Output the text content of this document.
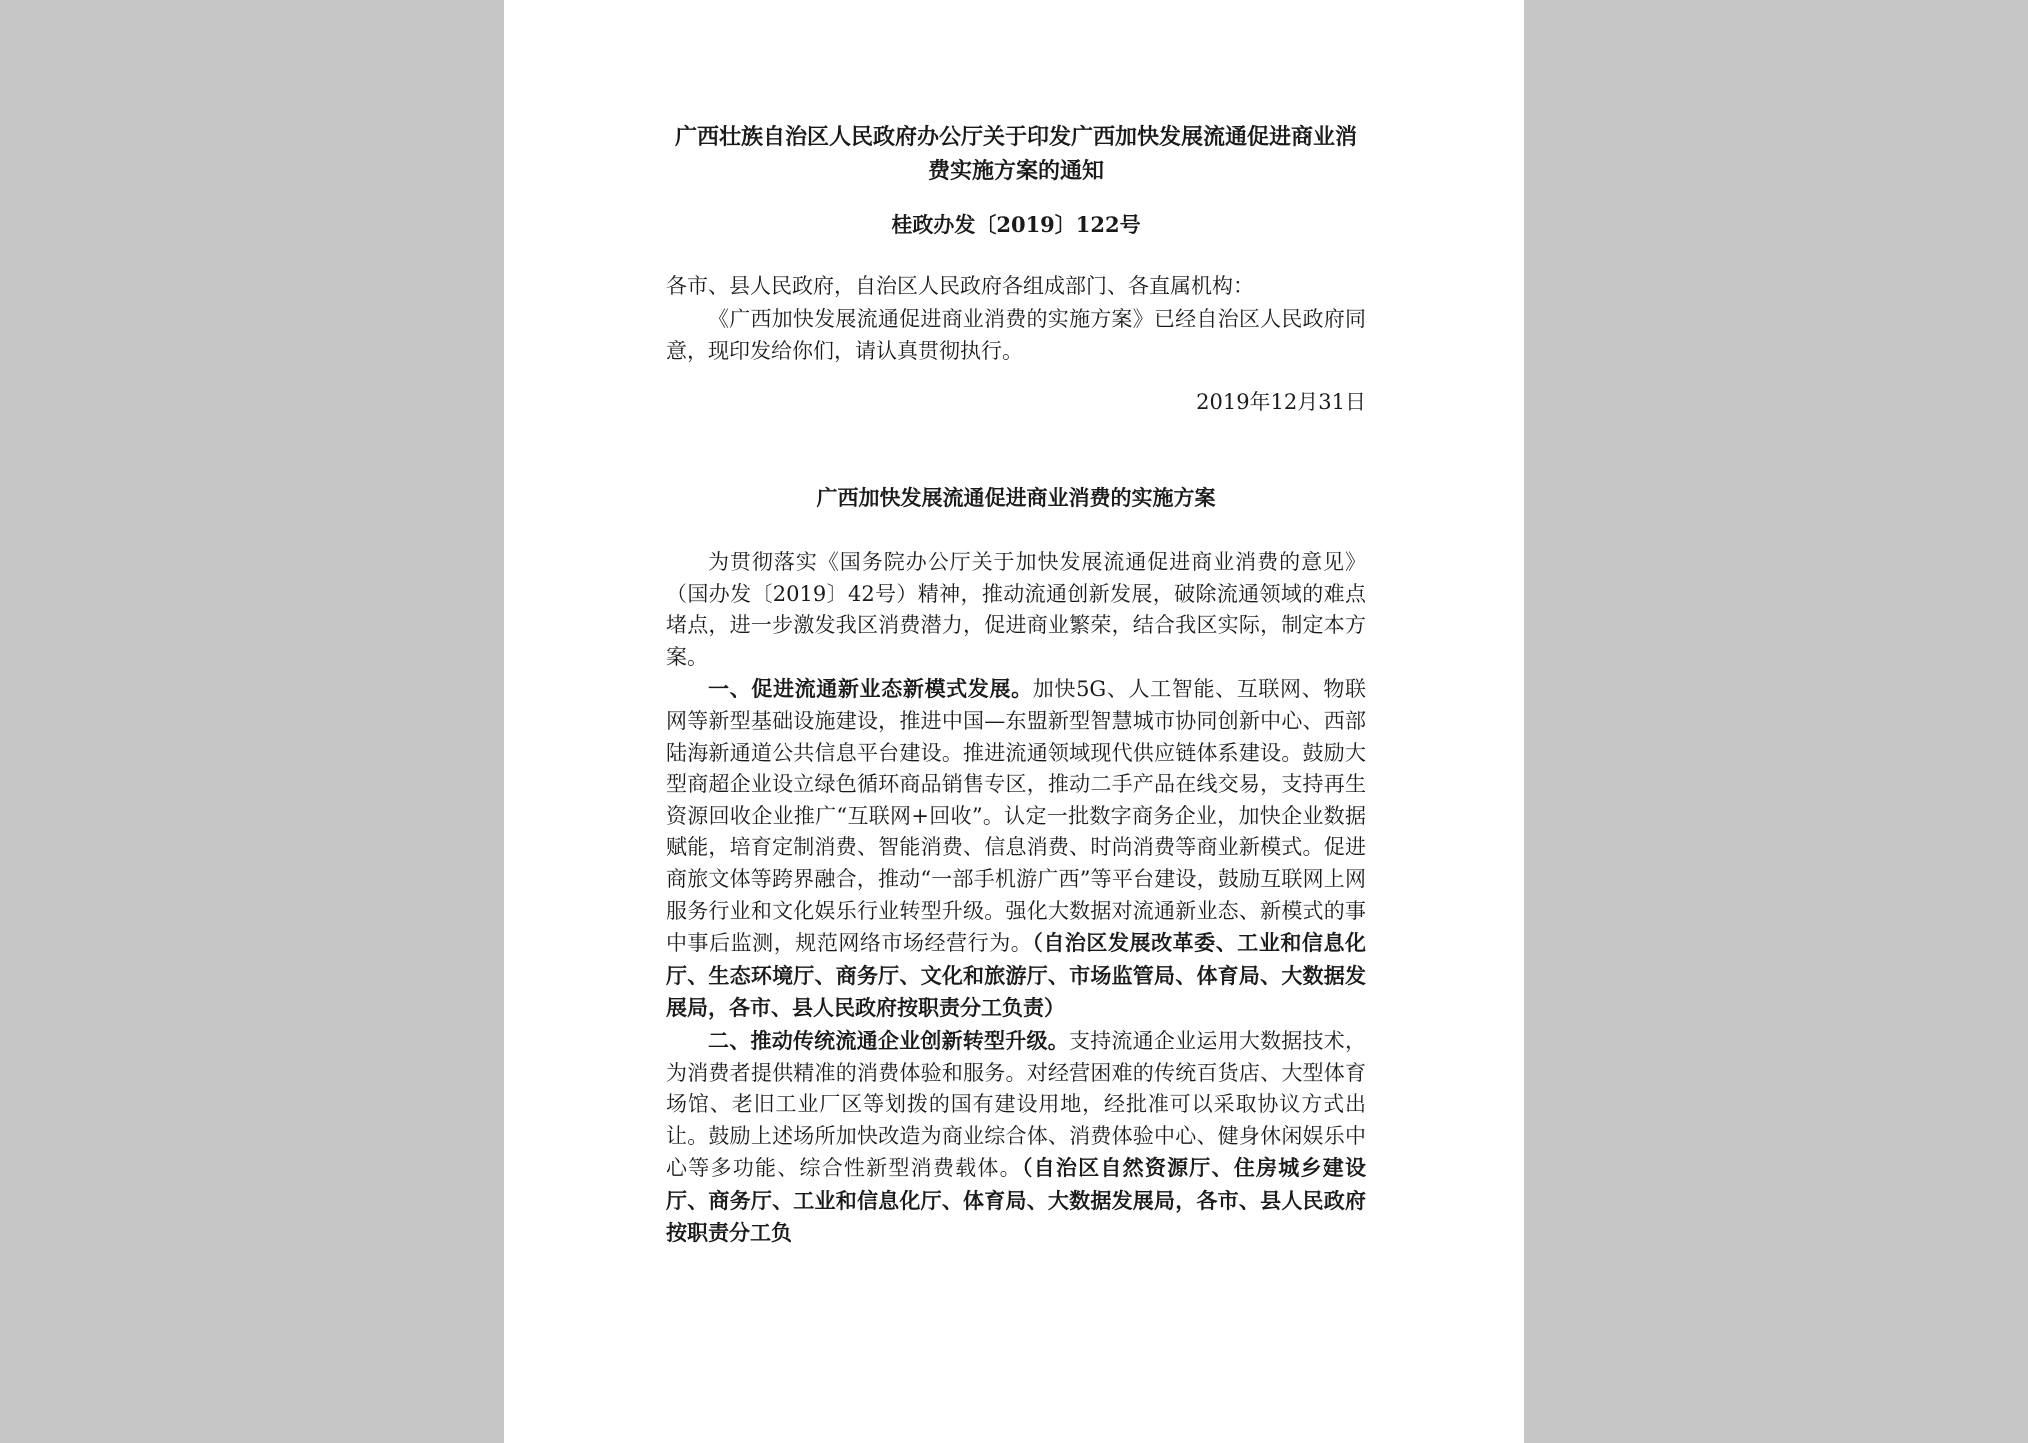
广西壮族自治区人民政府办公厅关于印发广西加快发展流通促进商业消费实施方案的通知
桂政办发〔2019〕122号
各市、县人民政府，自治区人民政府各组成部门、各直属机构：
《广西加快发展流通促进商业消费的实施方案》已经自治区人民政府同意，现印发给你们，请认真贯彻执行。
2019年12月31日
广西加快发展流通促进商业消费的实施方案
为贯彻落实《国务院办公厅关于加快发展流通促进商业消费的意见》（国办发〔2019〕42号）精神，推动流通创新发展，破除流通领域的难点堵点，进一步激发我区消费潜力，促进商业繁荣，结合我区实际，制定本方案。
一、促进流通新业态新模式发展。加快5G、人工智能、互联网、物联网等新型基础设施建设，推进中国—东盟新型智慧城市协同创新中心、西部陆海新通道公共信息平台建设。推进流通领域现代供应链体系建设。鼓励大型商超企业设立绿色循环商品销售专区，推动二手产品在线交易，支持再生资源回收企业推广“互联网+回收”。认定一批数字商务企业，加快企业数据赋能，培育定制消费、智能消费、信息消费、时尚消费等商业新模式。促进商旅文体等跨界融合，推动“一部手机游广西”等平台建设，鼓励互联网上网服务行业和文化娱乐行业转型升级。强化大数据对流通新业态、新模式的事中事后监测，规范网络市场经营行为。（自治区发展改革委、工业和信息化厅、生态环境厅、商务厅、文化和旅游厅、市场监管局、体育局、大数据发展局，各市、县人民政府按职责分工负责）
二、推动传统流通企业创新转型升级。支持流通企业运用大数据技术，为消费者提供精准的消费体验和服务。对经营困难的传统百货店、大型体育场馆、老旧工业厂区等划拨的国有建设用地，经批准可以采取协议方式出让。鼓励上述场所加快改造为商业综合体、消费体验中心、健身休闲娱乐中心等多功能、综合性新型消费载体。（自治区自然资源厅、住房城乡建设厅、商务厅、工业和信息化厅、体育局、大数据发展局，各市、县人民政府按职责分工负
